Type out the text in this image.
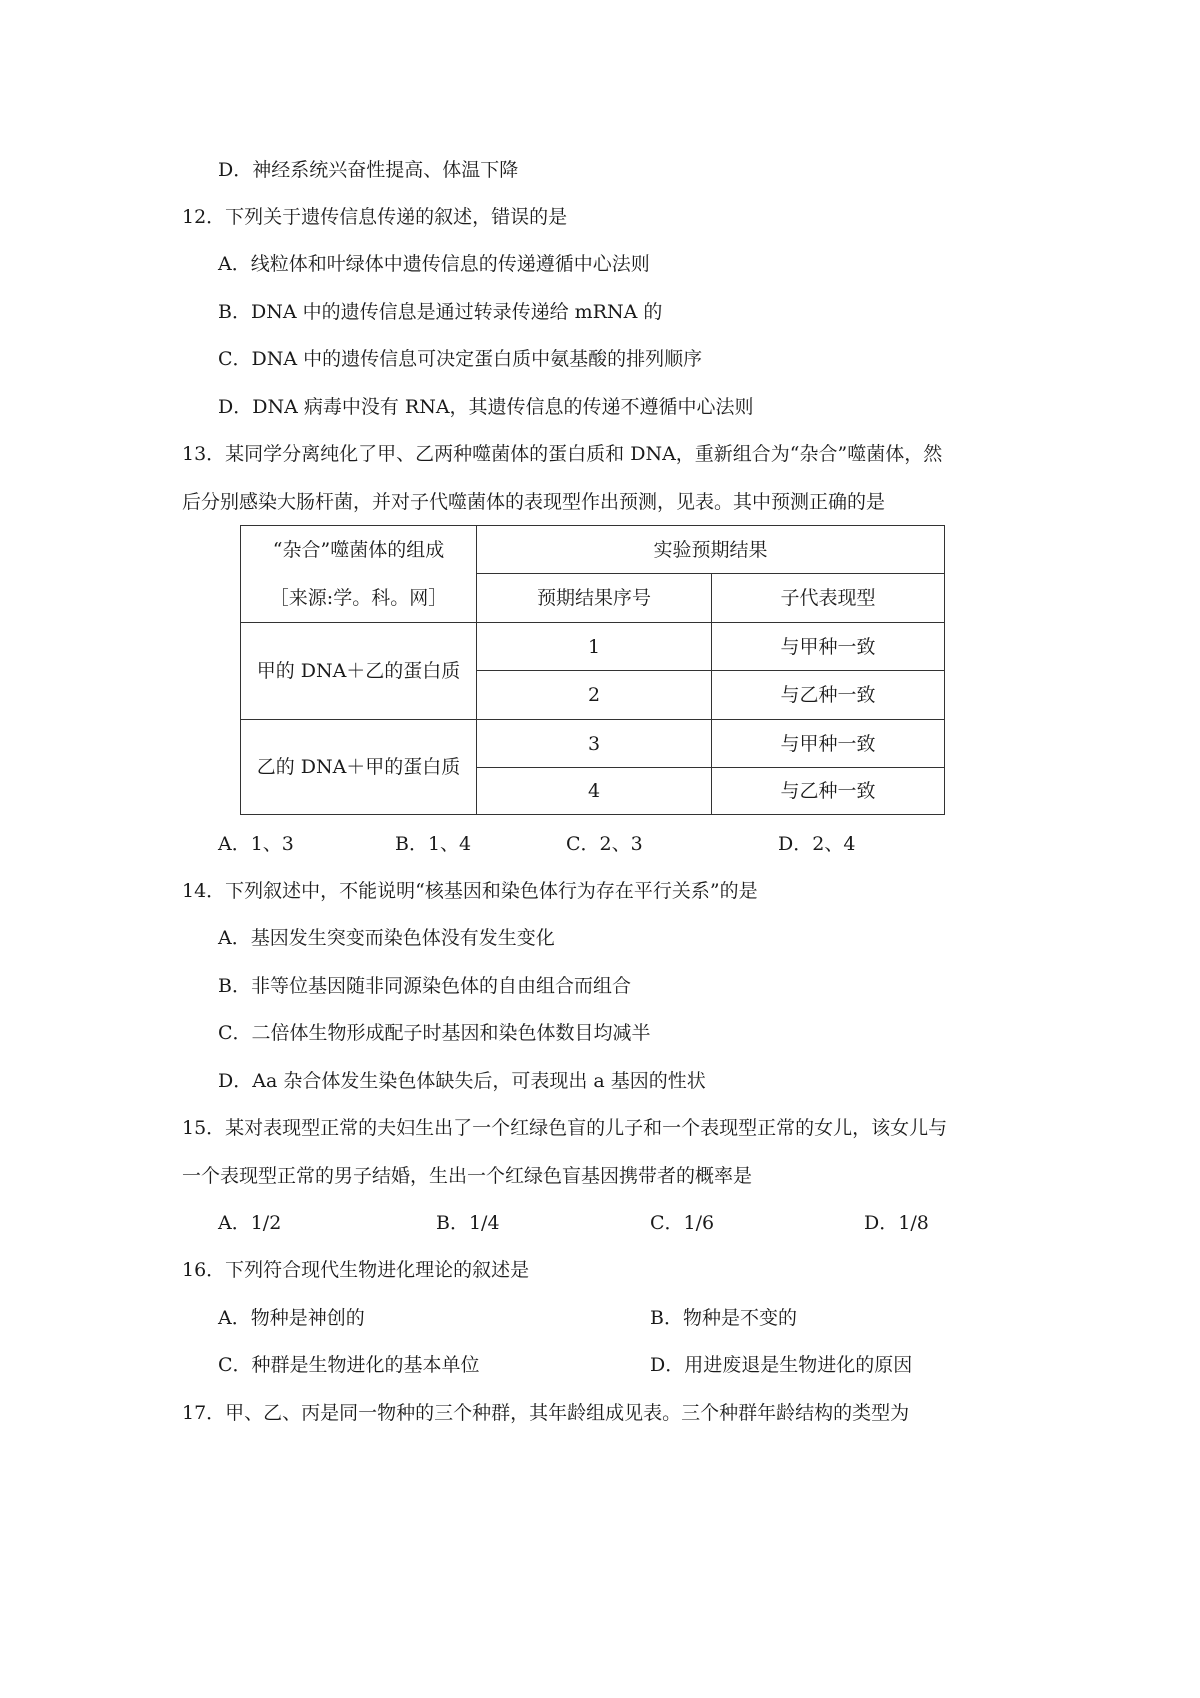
D．神经系统兴奋性提高、体温下降
12．下列关于遗传信息传递的叙述，错误的是
A．线粒体和叶绿体中遗传信息的传递遵循中心法则
B．DNA 中的遗传信息是通过转录传递给 mRNA 的
C．DNA 中的遗传信息可决定蛋白质中氨基酸的排列顺序
D．DNA 病毒中没有 RNA，其遗传信息的传递不遵循中心法则
13．某同学分离纯化了甲、乙两种噬菌体的蛋白质和 DNA，重新组合为“杂合”噬菌体，然
后分别感染大肠杆菌，并对子代噬菌体的表现型作出预测，见表。其中预测正确的是
“杂合”噬菌体的组成
［来源:学。科。网］	实验预期结果	
	预期结果序号	子代表现型
甲的 DNA＋乙的蛋白质	1	与甲种一致
	2	与乙种一致
乙的 DNA＋甲的蛋白质	3	与甲种一致
	4	与乙种一致
A．1、3	B．1、4	C．2、3	D．2、4
14．下列叙述中，不能说明“核基因和染色体行为存在平行关系”的是
A．基因发生突变而染色体没有发生变化
B．非等位基因随非同源染色体的自由组合而组合
C．二倍体生物形成配子时基因和染色体数目均减半
D．Aa 杂合体发生染色体缺失后，可表现出 a 基因的性状
15．某对表现型正常的夫妇生出了一个红绿色盲的儿子和一个表现型正常的女儿，该女儿与
一个表现型正常的男子结婚，生出一个红绿色盲基因携带者的概率是
A．1/2	B．1/4	C．1/6	D．1/8
16．下列符合现代生物进化理论的叙述是
A．物种是神创的	B．物种是不变的
C．种群是生物进化的基本单位	D．用进废退是生物进化的原因
17．甲、乙、丙是同一物种的三个种群，其年龄组成见表。三个种群年龄结构的类型为
